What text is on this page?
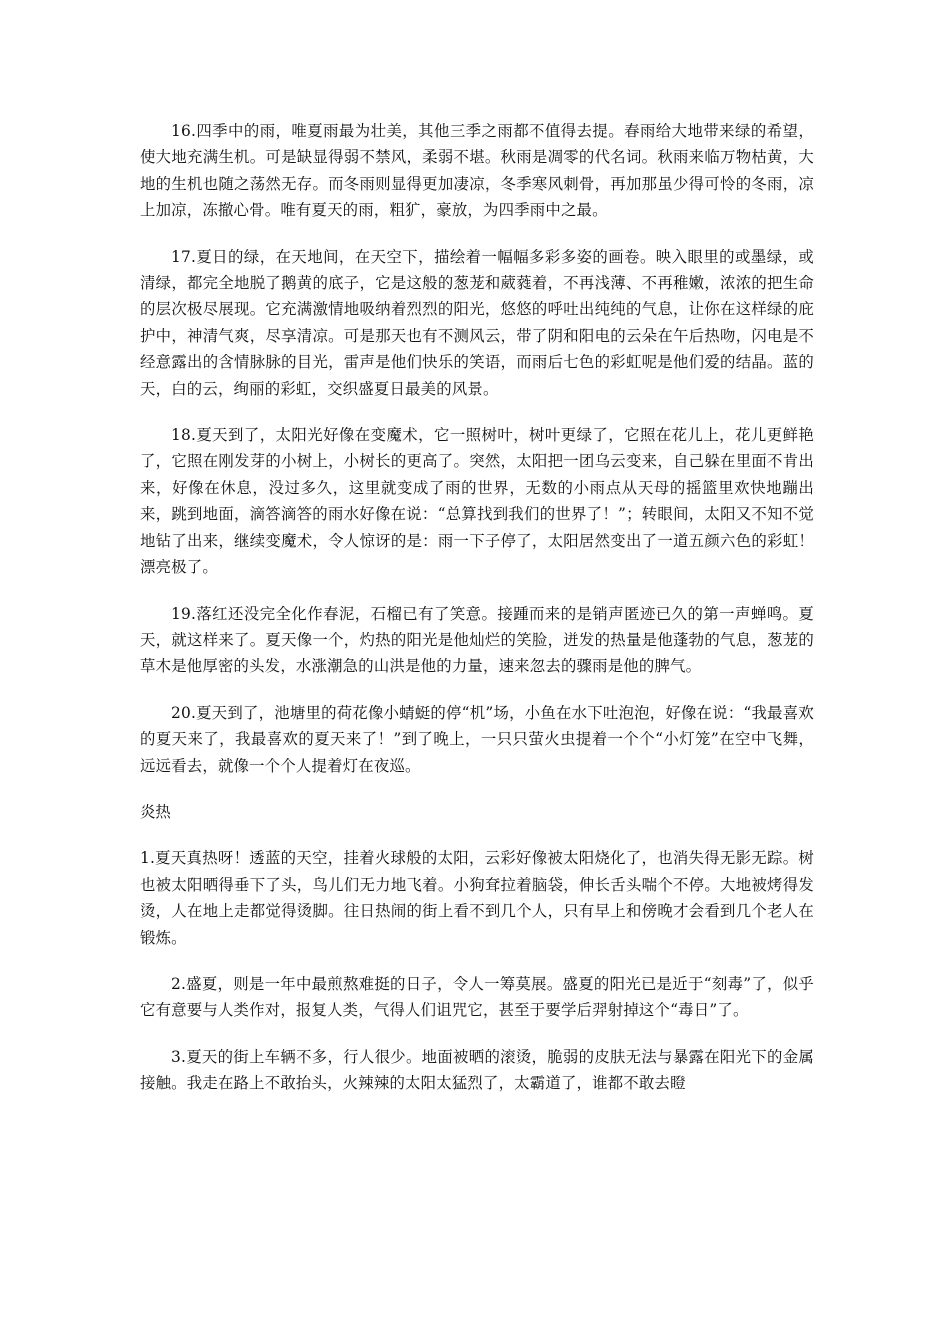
16.四季中的雨，唯夏雨最为壮美，其他三季之雨都不值得去提。春雨给大地带来绿的希望，使大地充满生机。可是缺显得弱不禁风，柔弱不堪。秋雨是凋零的代名词。秋雨来临万物枯黄，大地的生机也随之荡然无存。而冬雨则显得更加凄凉，冬季寒风刺骨，再加那虽少得可怜的冬雨，凉上加凉，冻撤心骨。唯有夏天的雨，粗犷，豪放，为四季雨中之最。

17.夏日的绿，在天地间，在天空下，描绘着一幅幅多彩多姿的画卷。映入眼里的或墨绿，或清绿，都完全地脱了鹅黄的底子，它是这般的葱茏和葳蕤着，不再浅薄、不再稚嫩，浓浓的把生命的层次极尽展现。它充满激情地吸纳着烈烈的阳光，悠悠的呼吐出纯纯的气息，让你在这样绿的庇护中，神清气爽，尽享清凉。可是那天也有不测风云，带了阴和阳电的云朵在午后热吻，闪电是不经意露出的含情脉脉的目光，雷声是他们快乐的笑语，而雨后七色的彩虹呢是他们爱的结晶。蓝的天，白的云，绚丽的彩虹，交织盛夏日最美的风景。

18.夏天到了，太阳光好像在变魔术，它一照树叶，树叶更绿了，它照在花儿上，花儿更鲜艳了，它照在刚发芽的小树上，小树长的更高了。突然，太阳把一团乌云变来，自己躲在里面不肯出来，好像在休息，没过多久，这里就变成了雨的世界，无数的小雨点从天母的摇篮里欢快地蹦出来，跳到地面，滴答滴答的雨水好像在说：“总算找到我们的世界了！”；转眼间，太阳又不知不觉地钻了出来，继续变魔术，令人惊讶的是：雨一下子停了，太阳居然变出了一道五颜六色的彩虹！漂亮极了。

19.落红还没完全化作春泥，石榴已有了笑意。接踵而来的是销声匿迹已久的第一声蝉鸣。夏天，就这样来了。夏天像一个，灼热的阳光是他灿烂的笑脸，迸发的热量是他蓬勃的气息，葱茏的草木是他厚密的头发，水涨潮急的山洪是他的力量，速来忽去的骤雨是他的脾气。

20.夏天到了，池塘里的荷花像小蜻蜓的停“机”场，小鱼在水下吐泡泡，好像在说：“我最喜欢的夏天来了，我最喜欢的夏天来了！”到了晚上，一只只萤火虫提着一个个“小灯笼”在空中飞舞，远远看去，就像一个个人提着灯在夜巡。

炎热

1.夏天真热呀！透蓝的天空，挂着火球般的太阳，云彩好像被太阳烧化了，也消失得无影无踪。树也被太阳晒得垂下了头，鸟儿们无力地飞着。小狗耷拉着脑袋，伸长舌头喘个不停。大地被烤得发烫，人在地上走都觉得烫脚。往日热闹的街上看不到几个人，只有早上和傍晚才会看到几个老人在锻炼。

2.盛夏，则是一年中最煎熬难挺的日子，令人一筹莫展。盛夏的阳光已是近于“刻毒”了，似乎它有意要与人类作对，报复人类，气得人们诅咒它，甚至于要学后羿射掉这个“毒日”了。

3.夏天的街上车辆不多，行人很少。地面被晒的滚烫，脆弱的皮肤无法与暴露在阳光下的金属接触。我走在路上不敢抬头，火辣辣的太阳太猛烈了，太霸道了，谁都不敢去瞪
